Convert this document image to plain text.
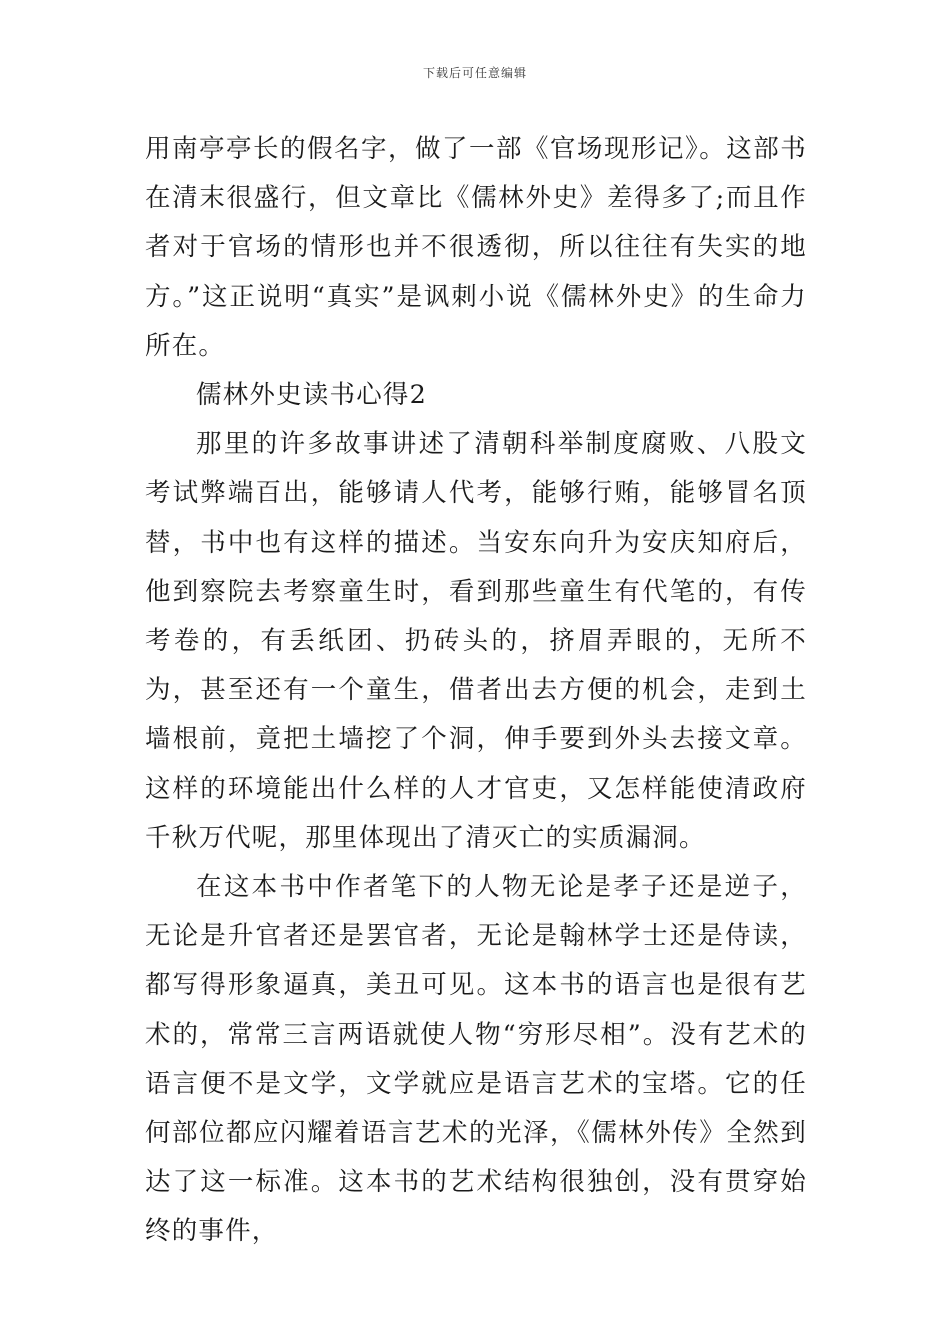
下载后可任意编辑

用南亭亭长的假名字，做了一部《官场现形记》。这部书在清末很盛行，但文章比《儒林外史》差得多了;而且作者对于官场的情形也并不很透彻，所以往往有失实的地方。”这正说明“真实”是讽刺小说《儒林外史》的生命力所在。

儒林外史读书心得2

那里的许多故事讲述了清朝科举制度腐败、八股文考试弊端百出，能够请人代考，能够行贿，能够冒名顶替，书中也有这样的描述。当安东向升为安庆知府后，他到察院去考察童生时，看到那些童生有代笔的，有传考卷的，有丢纸团、扔砖头的，挤眉弄眼的，无所不为，甚至还有一个童生，借者出去方便的机会，走到土墙根前，竟把土墙挖了个洞，伸手要到外头去接文章。这样的环境能出什么样的人才官吏，又怎样能使清政府千秋万代呢，那里体现出了清灭亡的实质漏洞。

在这本书中作者笔下的人物无论是孝子还是逆子，无论是升官者还是罢官者，无论是翰林学士还是侍读，都写得形象逼真，美丑可见。这本书的语言也是很有艺术的，常常三言两语就使人物“穷形尽相”。没有艺术的语言便不是文学，文学就应是语言艺术的宝塔。它的任何部位都应闪耀着语言艺术的光泽，《儒林外传》全然到达了这一标准。这本书的艺术结构很独创，没有贯穿始终的事件，
